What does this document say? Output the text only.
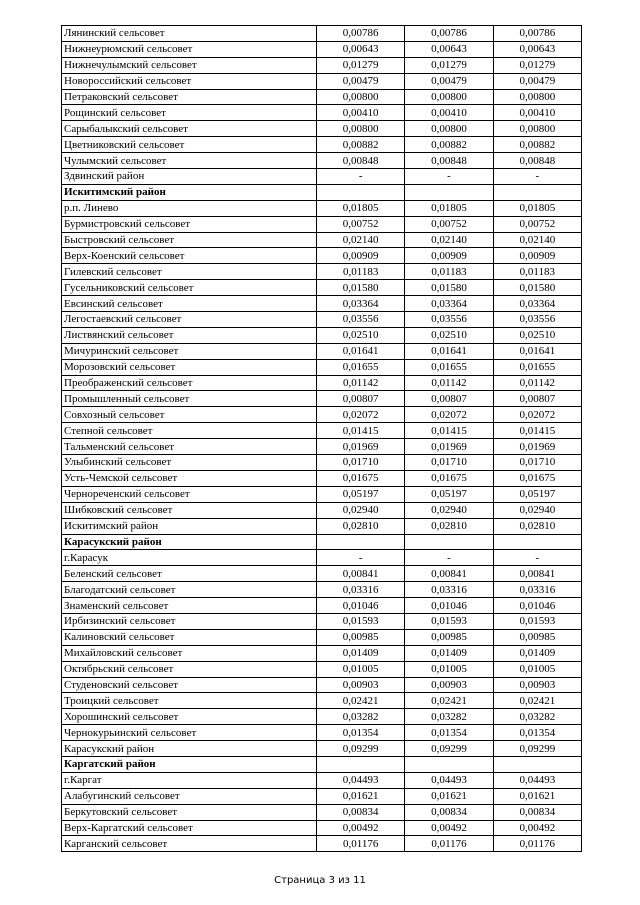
Лянинский сельсовет	0,00786	0,00786	0,00786
Нижнеурюмский сельсовет	0,00643	0,00643	0,00643
Нижнечулымский сельсовет	0,01279	0,01279	0,01279
Новороссийский сельсовет	0,00479	0,00479	0,00479
Петраковский сельсовет	0,00800	0,00800	0,00800
Рощинский сельсовет	0,00410	0,00410	0,00410
Сарыбалыкский сельсовет	0,00800	0,00800	0,00800
Цветниковский сельсовет	0,00882	0,00882	0,00882
Чулымский сельсовет	0,00848	0,00848	0,00848
Здвинский район	-	-	-
Искитимский район			
р.п. Линево	0,01805	0,01805	0,01805
Бурмистровский сельсовет	0,00752	0,00752	0,00752
Быстровский сельсовет	0,02140	0,02140	0,02140
Верх-Коенский сельсовет	0,00909	0,00909	0,00909
Гилевский сельсовет	0,01183	0,01183	0,01183
Гусельниковский сельсовет	0,01580	0,01580	0,01580
Евсинский сельсовет	0,03364	0,03364	0,03364
Легостаевский сельсовет	0,03556	0,03556	0,03556
Листвянский сельсовет	0,02510	0,02510	0,02510
Мичуринский сельсовет	0,01641	0,01641	0,01641
Морозовский сельсовет	0,01655	0,01655	0,01655
Преображенский сельсовет	0,01142	0,01142	0,01142
Промышленный сельсовет	0,00807	0,00807	0,00807
Совхозный сельсовет	0,02072	0,02072	0,02072
Степной сельсовет	0,01415	0,01415	0,01415
Тальменский сельсовет	0,01969	0,01969	0,01969
Улыбинский сельсовет	0,01710	0,01710	0,01710
Усть-Чемской сельсовет	0,01675	0,01675	0,01675
Чернореченский сельсовет	0,05197	0,05197	0,05197
Шибковский сельсовет	0,02940	0,02940	0,02940
Искитимский район	0,02810	0,02810	0,02810
Карасукский район			
г.Карасук	-	-	-
Беленский сельсовет	0,00841	0,00841	0,00841
Благодатский сельсовет	0,03316	0,03316	0,03316
Знаменский сельсовет	0,01046	0,01046	0,01046
Ирбизинский сельсовет	0,01593	0,01593	0,01593
Калиновский сельсовет	0,00985	0,00985	0,00985
Михайловский сельсовет	0,01409	0,01409	0,01409
Октябрьский сельсовет	0,01005	0,01005	0,01005
Студеновский сельсовет	0,00903	0,00903	0,00903
Троицкий сельсовет	0,02421	0,02421	0,02421
Хорошинский сельсовет	0,03282	0,03282	0,03282
Чернокурьинский сельсовет	0,01354	0,01354	0,01354
Карасукский район	0,09299	0,09299	0,09299
Каргатский район			
г.Каргат	0,04493	0,04493	0,04493
Алабугинский сельсовет	0,01621	0,01621	0,01621
Беркутовский сельсовет	0,00834	0,00834	0,00834
Верх-Каргатский сельсовет	0,00492	0,00492	0,00492
Карганский сельсовет	0,01176	0,01176	0,01176
Страница 3 из 11
